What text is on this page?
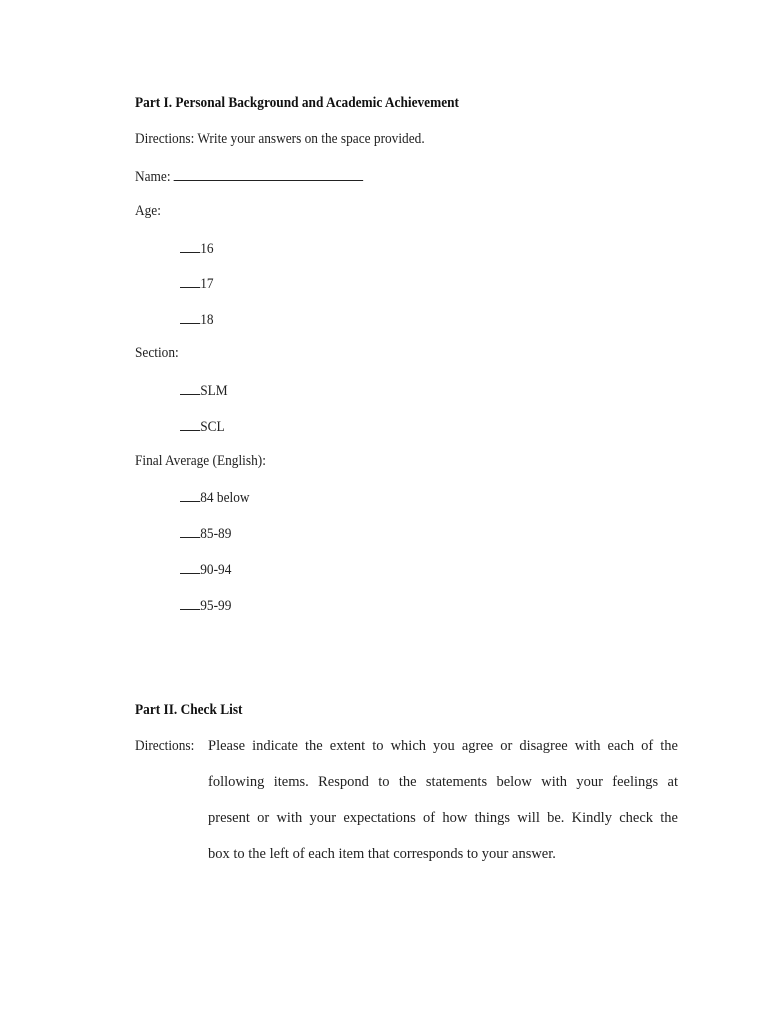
Part I. Personal Background and Academic Achievement
Directions: Write your answers on the space provided.
Name:
Age:
16
17
18
Section:
SLM
SCL
Final Average (English):
84 below
85-89
90-94
95-99
Part II. Check List
Directions: Please indicate the extent to which you agree or disagree with each of the
following items. Respond to the statements below with your feelings at
present or with your expectations of how things will be. Kindly check the
box to the left of each item that corresponds to your answer.
